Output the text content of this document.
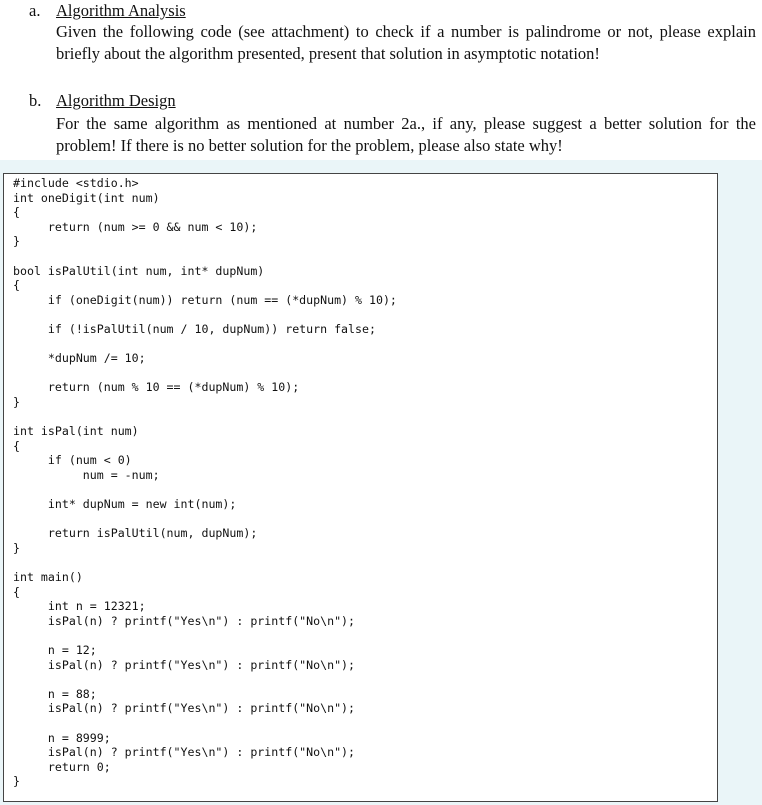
a. Algorithm Analysis
Given the following code (see attachment) to check if a number is palindrome or not, please explain briefly about the algorithm presented, present that solution in asymptotic notation!
b. Algorithm Design
For the same algorithm as mentioned at number 2a., if any, please suggest a better solution for the problem! If there is no better solution for the problem, please also state why!
#include <stdio.h>
int oneDigit(int num)
{
return (num >= 0 && num < 10);
}
bool isPalUtil(int num, int* dupNum)
{
if (oneDigit(num)) return (num == (*dupNum) % 10);
if (!isPalUtil(num / 10, dupNum)) return false;
*dupNum /= 10;
return (num % 10 == (*dupNum) % 10);
}
int isPal(int num)
{
if (num < 0)
num = -num;
int* dupNum = new int(num);
return isPalUtil(num, dupNum);
}
int main()
{
int n = 12321;
isPal(n) ? printf("Yes\n") : printf("No\n");
n = 12;
isPal(n) ? printf("Yes\n") : printf("No\n");
n = 88;
isPal(n) ? printf("Yes\n") : printf("No\n");
n = 8999;
isPal(n) ? printf("Yes\n") : printf("No\n");
return 0;
}
